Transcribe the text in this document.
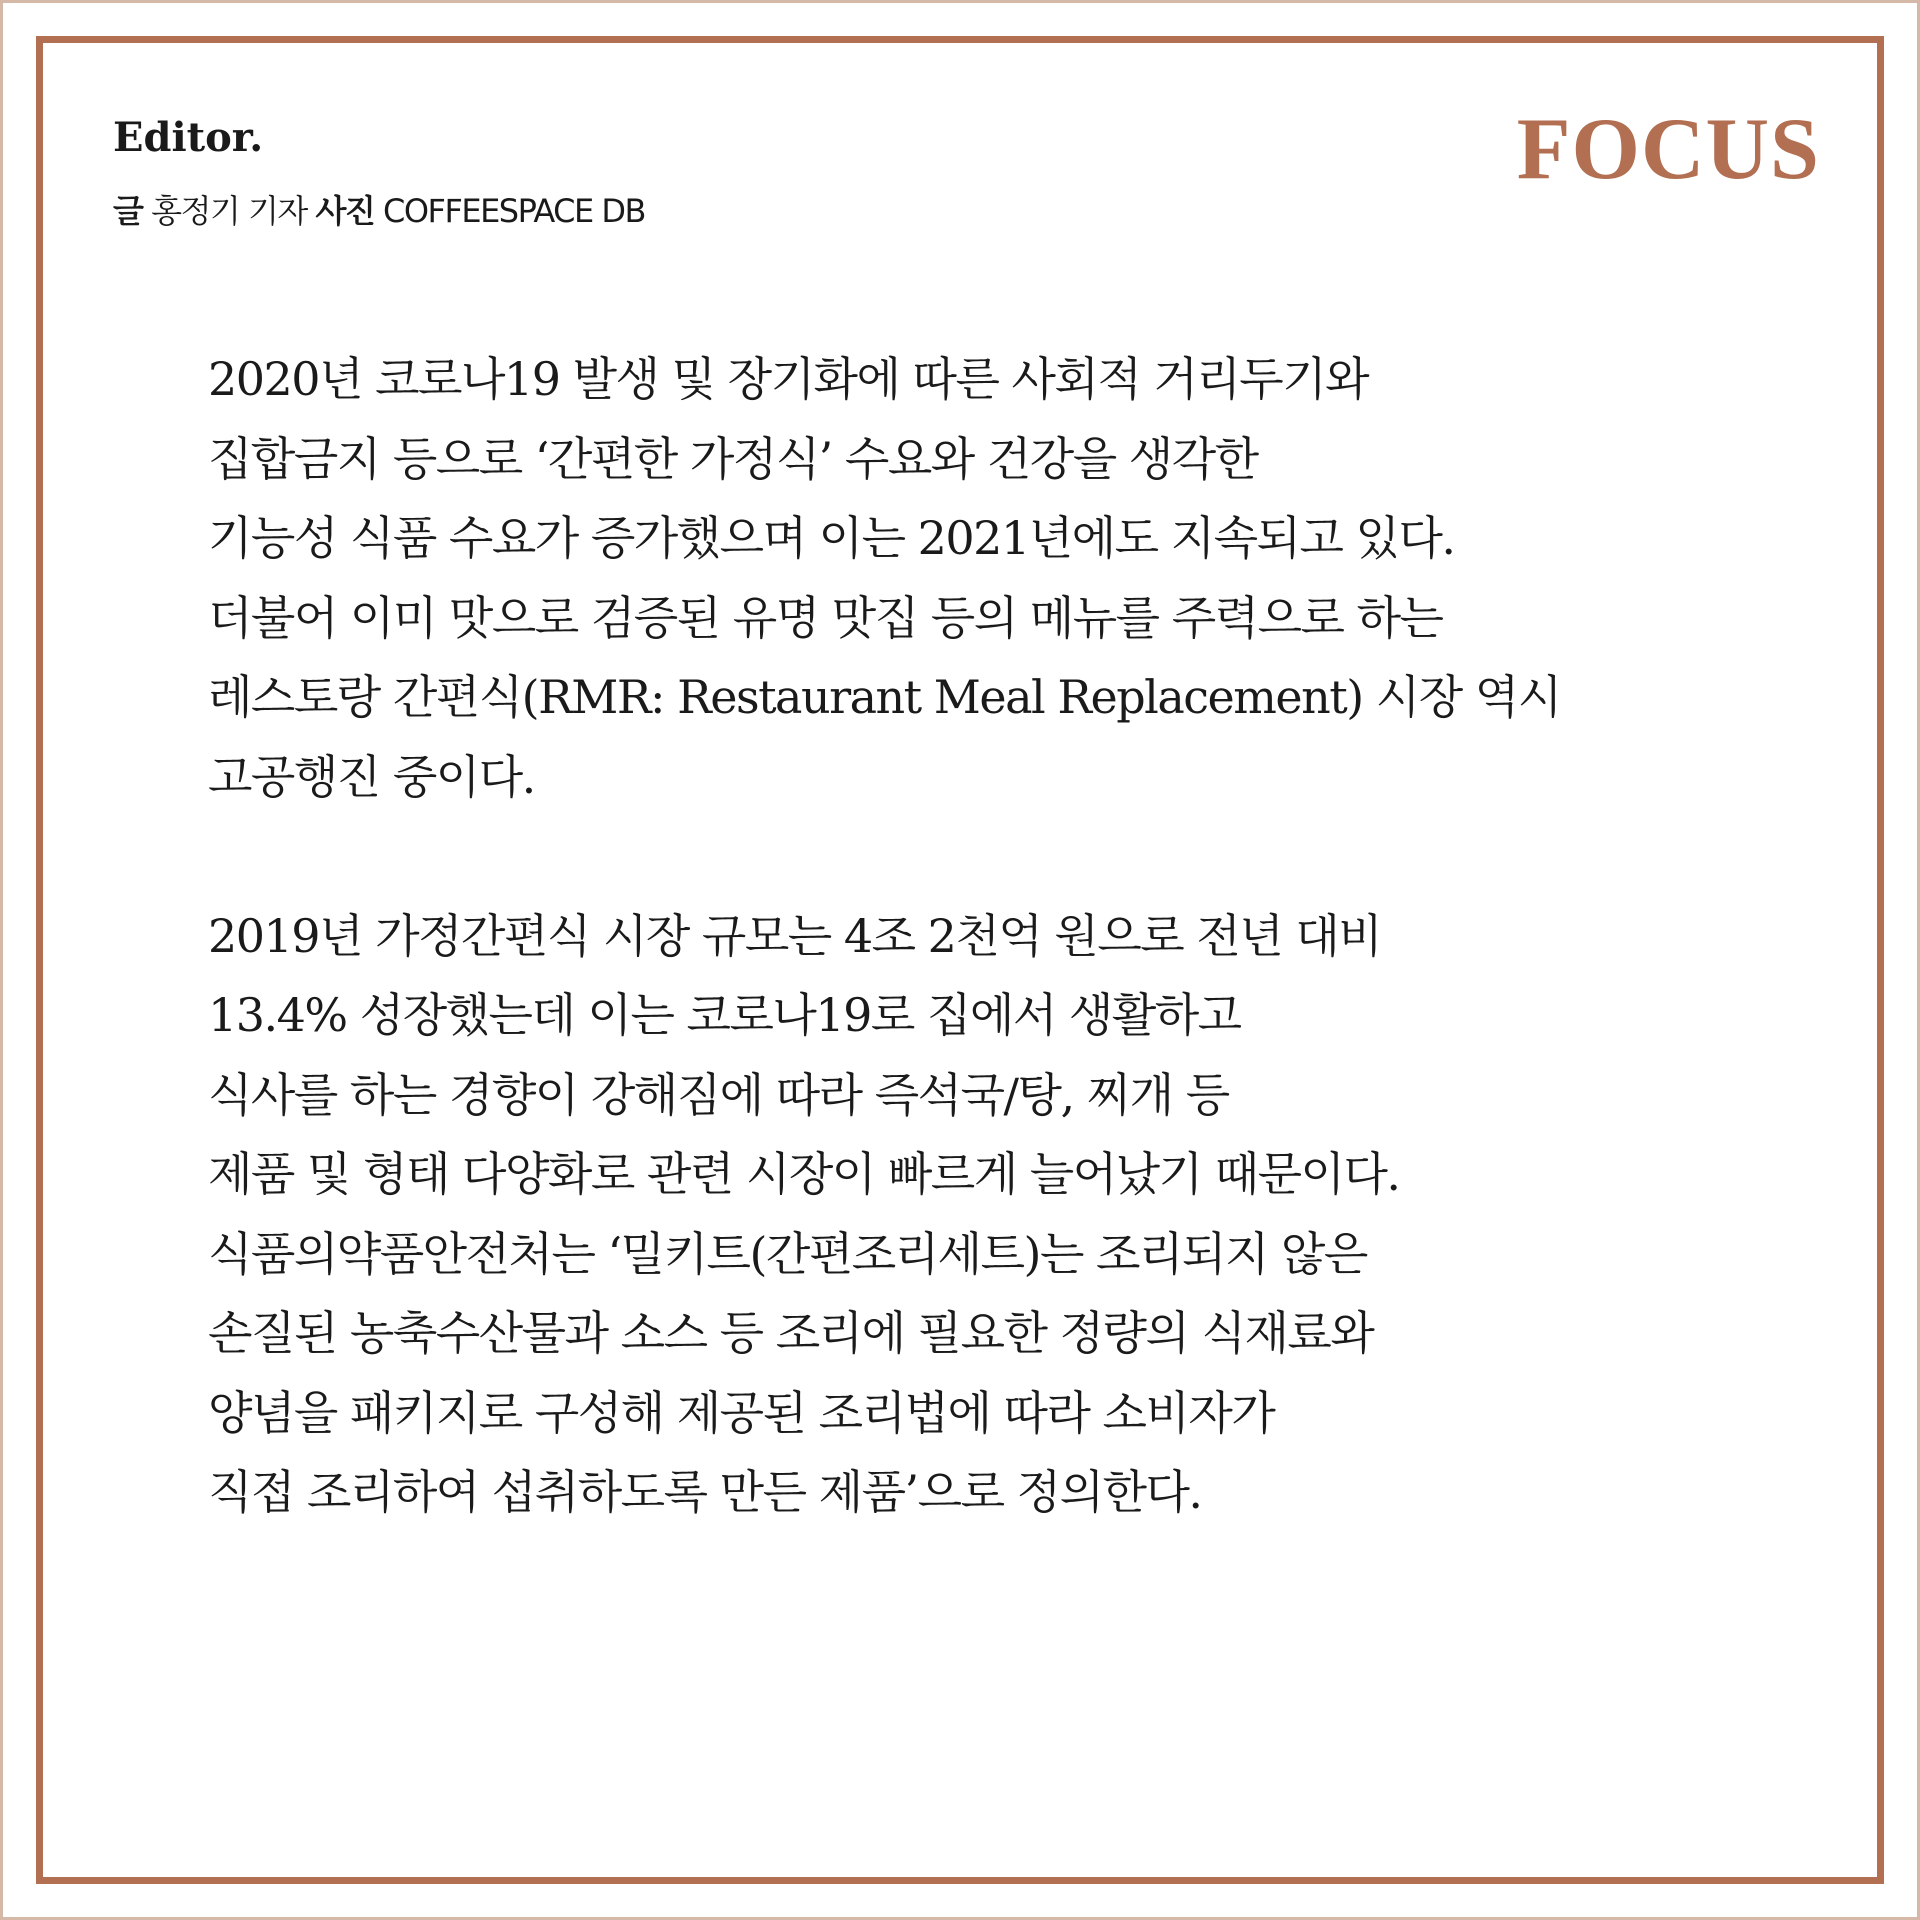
Editor.
글 홍정기 기자 사진 COFFEESPACE DB
FOCUS

2020년 코로나19 발생 및 장기화에 따른 사회적 거리두기와
집합금지 등으로 ‘간편한 가정식’ 수요와 건강을 생각한
기능성 식품 수요가 증가했으며 이는 2021년에도 지속되고 있다.
더불어 이미 맛으로 검증된 유명 맛집 등의 메뉴를 주력으로 하는
레스토랑 간편식(RMR: Restaurant Meal Replacement) 시장 역시
고공행진 중이다.

2019년 가정간편식 시장 규모는 4조 2천억 원으로 전년 대비
13.4% 성장했는데 이는 코로나19로 집에서 생활하고
식사를 하는 경향이 강해짐에 따라 즉석국/탕, 찌개 등
제품 및 형태 다양화로 관련 시장이 빠르게 늘어났기 때문이다.
식품의약품안전처는 ‘밀키트(간편조리세트)는 조리되지 않은
손질된 농축수산물과 소스 등 조리에 필요한 정량의 식재료와
양념을 패키지로 구성해 제공된 조리법에 따라 소비자가
직접 조리하여 섭취하도록 만든 제품’으로 정의한다.
